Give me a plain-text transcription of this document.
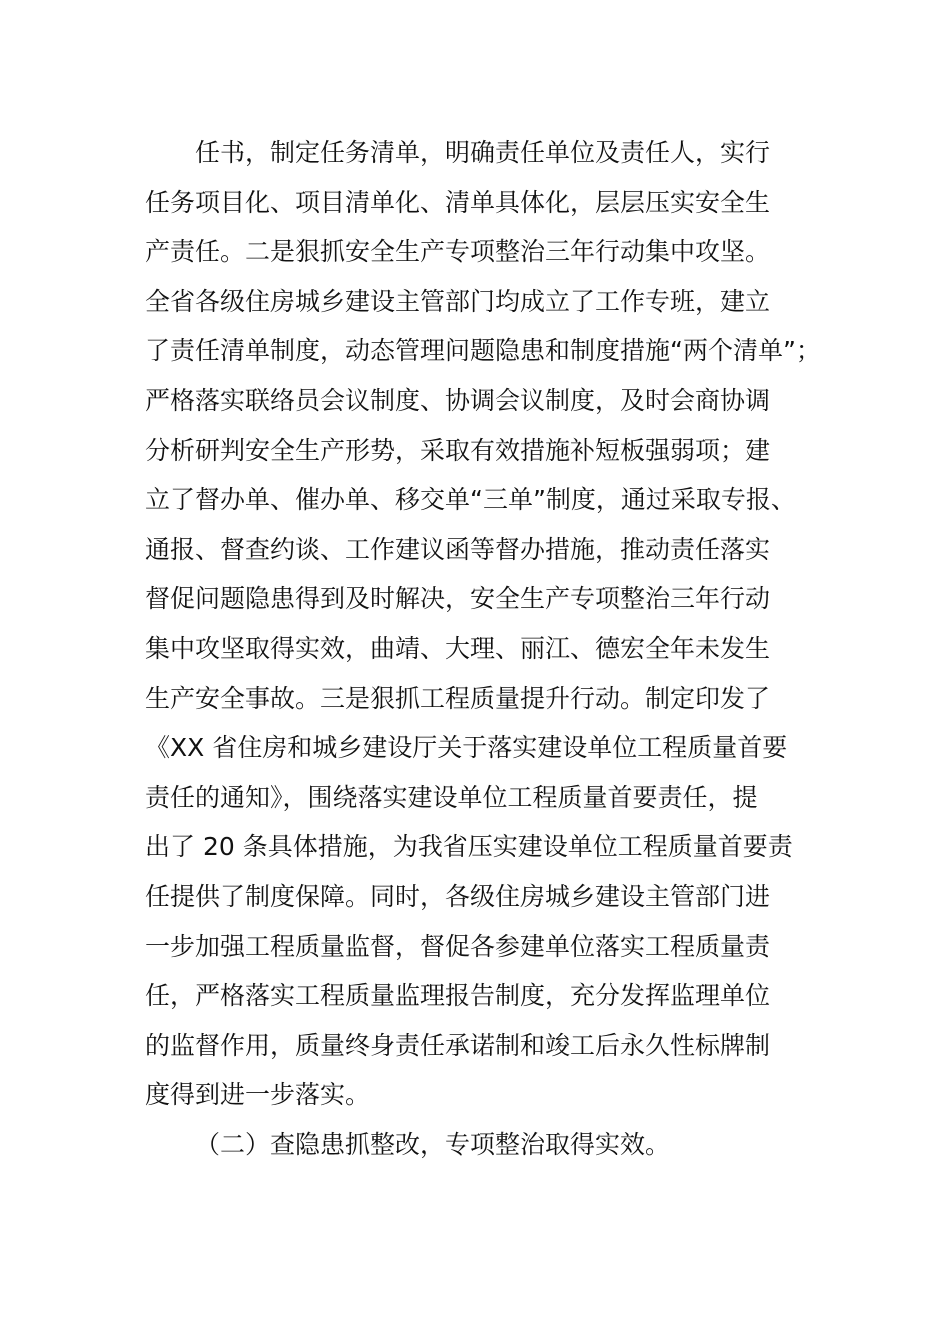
任书，制定任务清单，明确责任单位及责任人，实行
任务项目化、项目清单化、清单具体化，层层压实安全生
产责任。二是狠抓安全生产专项整治三年行动集中攻坚。
全省各级住房城乡建设主管部门均成立了工作专班，建立
了责任清单制度，动态管理问题隐患和制度措施“两个清单”；
严格落实联络员会议制度、协调会议制度，及时会商协调
分析研判安全生产形势，采取有效措施补短板强弱项；建
立了督办单、催办单、移交单“三单”制度，通过采取专报、
通报、督查约谈、工作建议函等督办措施，推动责任落实
督促问题隐患得到及时解决，安全生产专项整治三年行动
集中攻坚取得实效，曲靖、大理、丽江、德宏全年未发生
生产安全事故。三是狠抓工程质量提升行动。制定印发了
《XX 省住房和城乡建设厅关于落实建设单位工程质量首要
责任的通知》，围绕落实建设单位工程质量首要责任，提
出了 20 条具体措施，为我省压实建设单位工程质量首要责
任提供了制度保障。同时，各级住房城乡建设主管部门进
一步加强工程质量监督，督促各参建单位落实工程质量责
任，严格落实工程质量监理报告制度，充分发挥监理单位
的监督作用，质量终身责任承诺制和竣工后永久性标牌制
度得到进一步落实。
（二）查隐患抓整改，专项整治取得实效。
